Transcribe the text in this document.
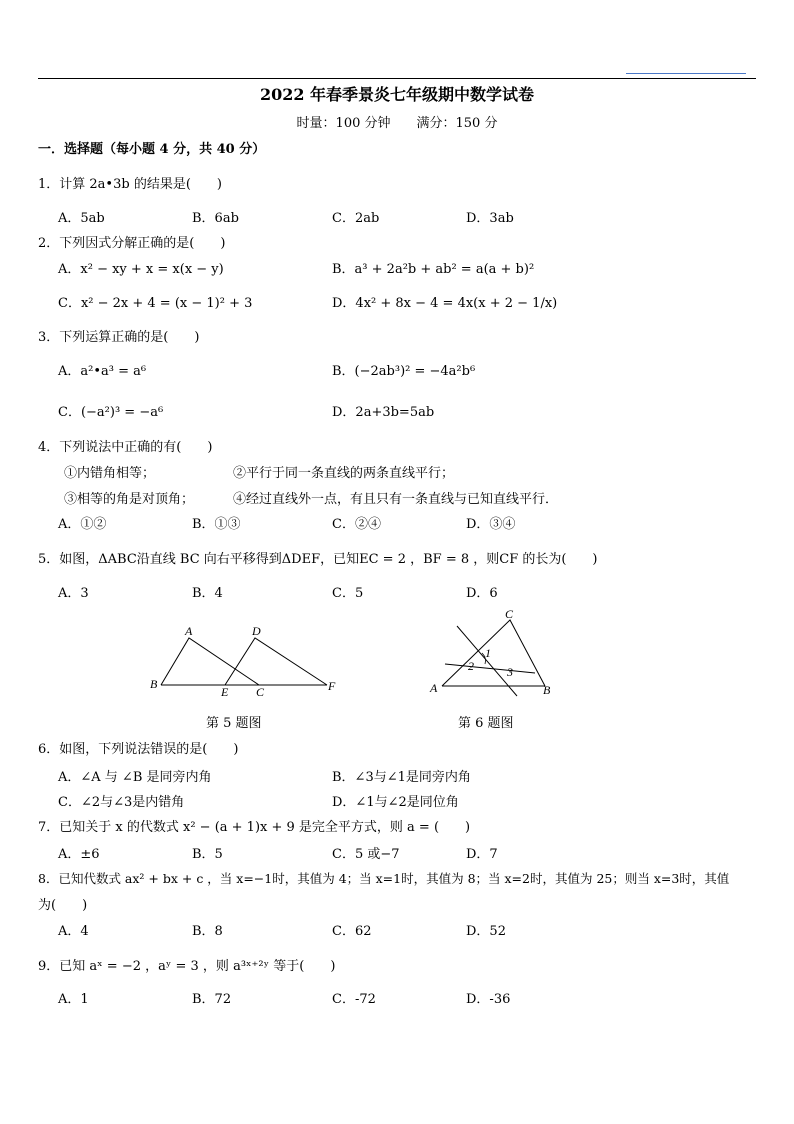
2022 年春季景炎七年级期中数学试卷
时量：100 分钟　　满分：150 分
一．选择题（每小题 4 分，共 40 分）
1．计算 2a•3b 的结果是(　　)
A．5ab	B．6ab	C．2ab	D．3ab
2．下列因式分解正确的是(　　)
A．x² − xy + x = x(x − y)	B．a³ + 2a²b + ab² = a(a + b)²
C．x² − 2x + 4 = (x − 1)² + 3	D．4x² + 8x − 4 = 4x(x + 2 − 1/x)
3．下列运算正确的是(　　)
A．a²•a³ = a⁶	B．(−2ab³)² = −4a²b⁶
C．(−a²)³ = −a⁶	D．2a+3b=5ab
4．下列说法中正确的有(　　)
①内错角相等；	②平行于同一条直线的两条直线平行；
③相等的角是对顶角；	④经过直线外一点，有且只有一条直线与已知直线平行．
A．①②	B．①③	C．②④	D．③④
5．如图，ΔABC沿直线 BC 向右平移得到ΔDEF，已知EC = 2 ，BF = 8 ，则CF 的长为(　　)
A．3	B．4	C．5	D．6
A	D
B
E C	F
第 5 题图
C
1
2	3
A	B
第 6 题图
6．如图，下列说法错误的是(　　)
A．∠A 与 ∠B 是同旁内角	B．∠3与∠1是同旁内角
C．∠2与∠3是内错角	D．∠1与∠2是同位角
7．已知关于 x 的代数式 x² − (a + 1)x + 9 是完全平方式，则 a = (　　)
A．±6	B．5	C．5 或−7	D．7
8．已知代数式 ax² + bx + c ，当 x=−1时，其值为 4；当 x=1时，其值为 8；当 x=2时，其值为 25；则当 x=3时，其值
为(　　)
A．4	B．8	C．62	D．52
9．已知 aˣ = −2 ，aʸ = 3 ，则 a³ˣ⁺²ʸ 等于(　　)
A．1	B．72	C．-72	D．-36
